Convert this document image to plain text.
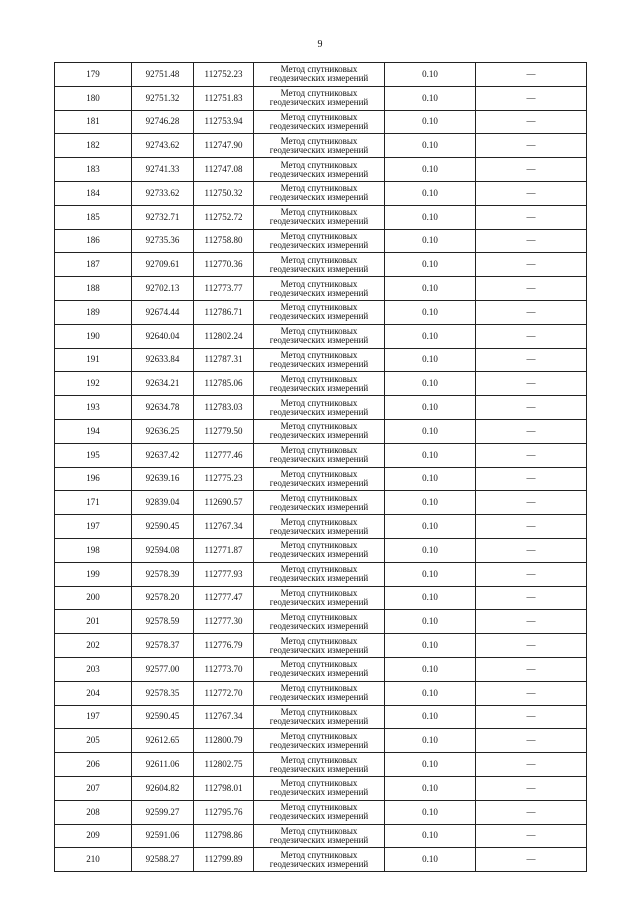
9
179	92751.48	112752.23	Метод спутниковых
геодезических измерений	0.10	—
180	92751.32	112751.83	Метод спутниковых
геодезических измерений	0.10	—
181	92746.28	112753.94	Метод спутниковых
геодезических измерений	0.10	—
182	92743.62	112747.90	Метод спутниковых
геодезических измерений	0.10	—
183	92741.33	112747.08	Метод спутниковых
геодезических измерений	0.10	—
184	92733.62	112750.32	Метод спутниковых
геодезических измерений	0.10	—
185	92732.71	112752.72	Метод спутниковых
геодезических измерений	0.10	—
186	92735.36	112758.80	Метод спутниковых
геодезических измерений	0.10	—
187	92709.61	112770.36	Метод спутниковых
геодезических измерений	0.10	—
188	92702.13	112773.77	Метод спутниковых
геодезических измерений	0.10	—
189	92674.44	112786.71	Метод спутниковых
геодезических измерений	0.10	—
190	92640.04	112802.24	Метод спутниковых
геодезических измерений	0.10	—
191	92633.84	112787.31	Метод спутниковых
геодезических измерений	0.10	—
192	92634.21	112785.06	Метод спутниковых
геодезических измерений	0.10	—
193	92634.78	112783.03	Метод спутниковых
геодезических измерений	0.10	—
194	92636.25	112779.50	Метод спутниковых
геодезических измерений	0.10	—
195	92637.42	112777.46	Метод спутниковых
геодезических измерений	0.10	—
196	92639.16	112775.23	Метод спутниковых
геодезических измерений	0.10	—
171	92839.04	112690.57	Метод спутниковых
геодезических измерений	0.10	—
197	92590.45	112767.34	Метод спутниковых
геодезических измерений	0.10	—
198	92594.08	112771.87	Метод спутниковых
геодезических измерений	0.10	—
199	92578.39	112777.93	Метод спутниковых
геодезических измерений	0.10	—
200	92578.20	112777.47	Метод спутниковых
геодезических измерений	0.10	—
201	92578.59	112777.30	Метод спутниковых
геодезических измерений	0.10	—
202	92578.37	112776.79	Метод спутниковых
геодезических измерений	0.10	—
203	92577.00	112773.70	Метод спутниковых
геодезических измерений	0.10	—
204	92578.35	112772.70	Метод спутниковых
геодезических измерений	0.10	—
197	92590.45	112767.34	Метод спутниковых
геодезических измерений	0.10	—
205	92612.65	112800.79	Метод спутниковых
геодезических измерений	0.10	—
206	92611.06	112802.75	Метод спутниковых
геодезических измерений	0.10	—
207	92604.82	112798.01	Метод спутниковых
геодезических измерений	0.10	—
208	92599.27	112795.76	Метод спутниковых
геодезических измерений	0.10	—
209	92591.06	112798.86	Метод спутниковых
геодезических измерений	0.10	—
210	92588.27	112799.89	Метод спутниковых
геодезических измерений	0.10	—
